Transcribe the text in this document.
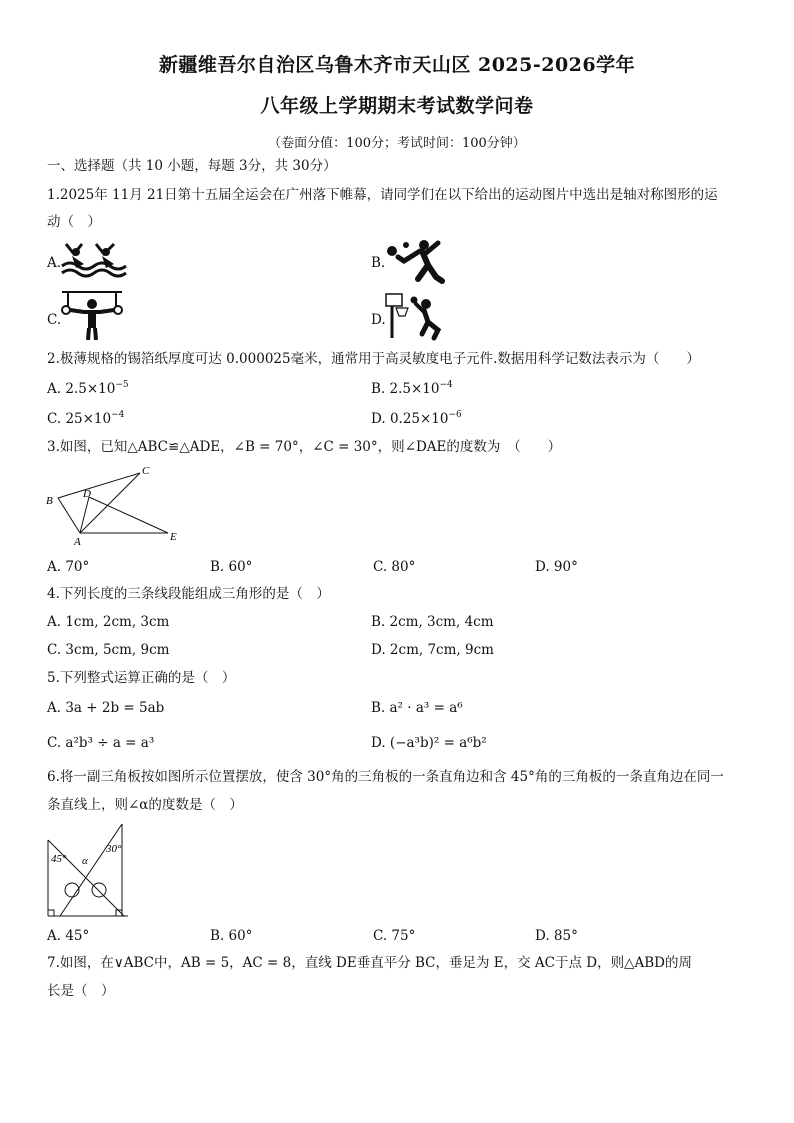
新疆维吾尔自治区乌鲁木齐市天山区 2025-2026学年
八年级上学期期末考试数学问卷
（卷面分值：100分；考试时间：100分钟）
一、选择题（共 10 小题，每题 3分，共 30分）
1.2025年 11月 21日第十五届全运会在广州落下帷幕，请同学们在以下给出的运动图片中选出是轴对称图形的运
动（　）
A.	B.
C.	D.
2.极薄规格的锡箔纸厚度可达 0.000025毫米，通常用于高灵敏度电子元件.数据用科学记数法表示为（　　）
A. $2.5\times 10^{-5}$	B. $2.5\times 10^{-4}$
C. $25\times 10^{-4}$	D. $0.25\times 10^{-6}$
3.如图，已知△ABC≌△ADE，∠B = 70°，∠C = 30°，则∠DAE的度数为　（　　）
C
B
D
A	E
A. 70°	B. 60°	C. 80°	D. 90°
4.下列长度的三条线段能组成三角形的是（　）
A. 1cm, 2cm, 3cm	B. 2cm, 3cm, 4cm
C. 3cm, 5cm, 9cm	D. 2cm, 7cm, 9cm
5.下列整式运算正确的是（　）
A. 3a + 2b = 5ab	B. a² · a³ = a⁶
C. a²b³ ÷ a = a³	D. (−a³b)² = a⁶b²
6.将一副三角板按如图所示位置摆放，使含 30°角的三角板的一条直角边和含 45°角的三角板的一条直角边在同一
条直线上，则∠α的度数是（　）
45° α
30°
A. 45°	B. 60°	C. 75°	D. 85°
7.如图，在∨ABC中，AB = 5，AC = 8，直线 DE垂直平分 BC，垂足为 E，交 AC于点 D，则△ABD的周
长是（　）
